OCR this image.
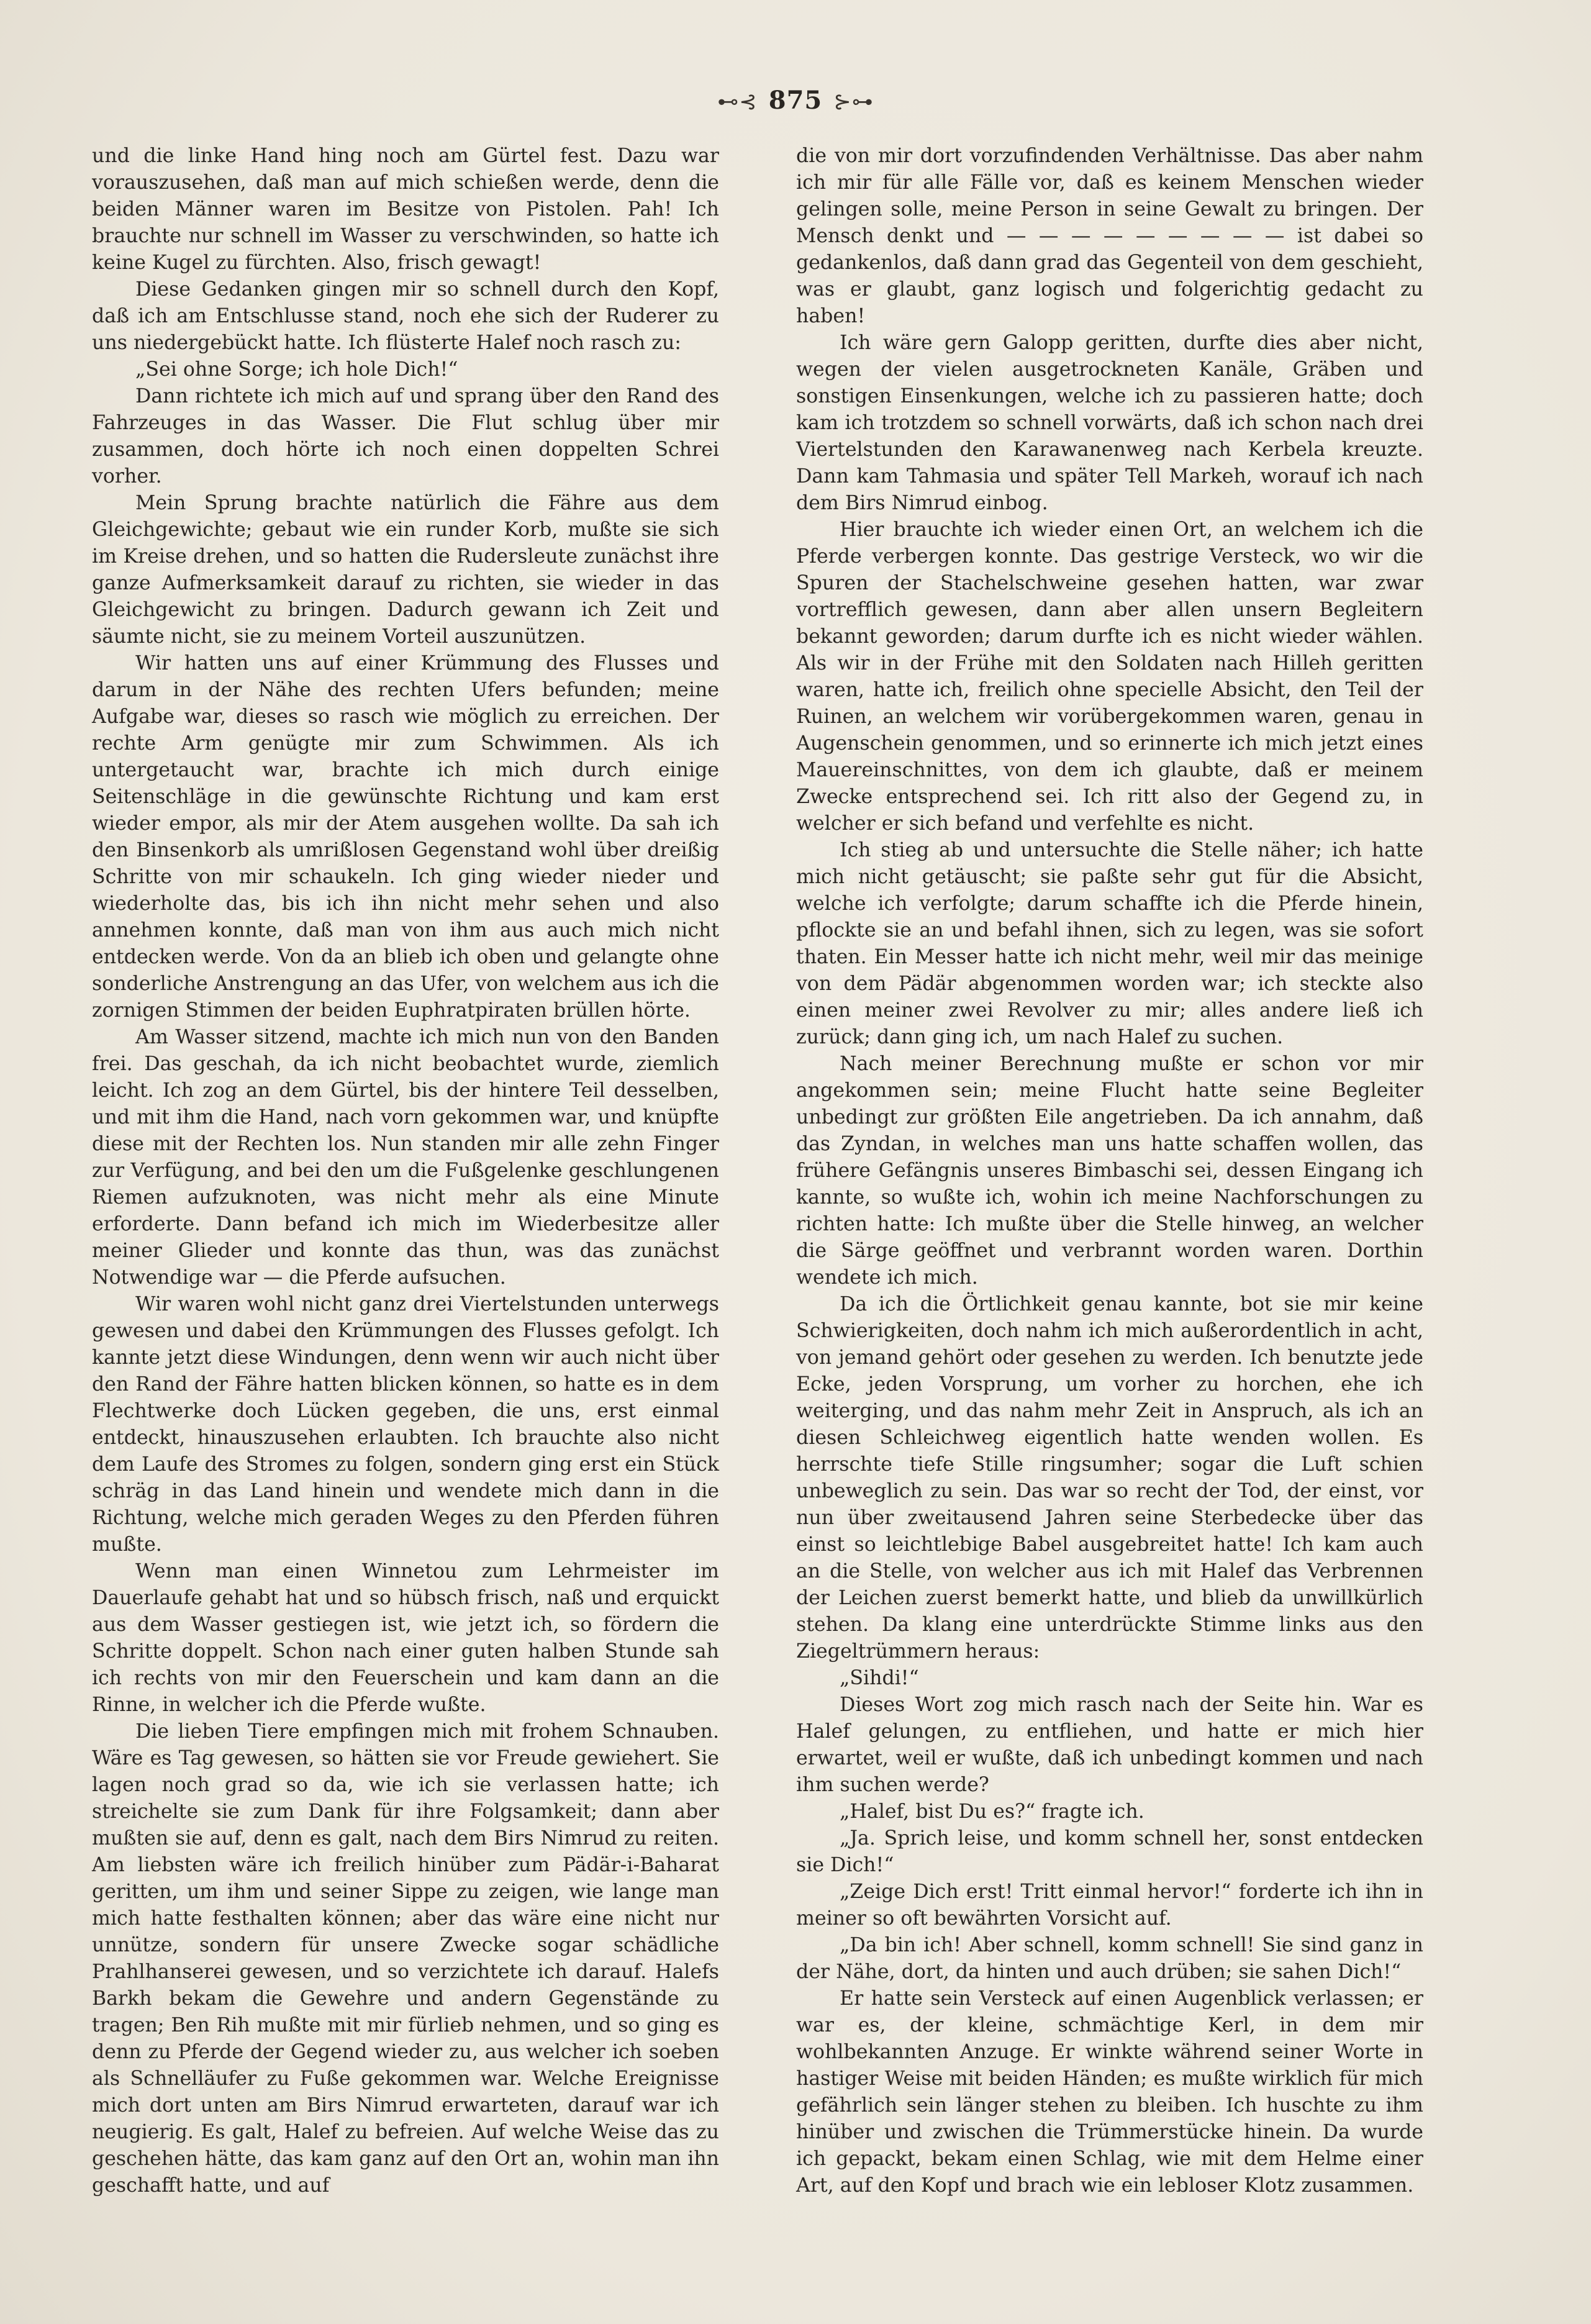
⊷⊰ 875 ⊱⊶

und die linke Hand hing noch am Gürtel fest. Dazu war vorauszusehen, daß man auf mich schießen werde, denn die beiden Männer waren im Besitze von Pistolen. Pah! Ich brauchte nur schnell im Wasser zu verschwinden, so hatte ich keine Kugel zu fürchten. Also, frisch gewagt!

Diese Gedanken gingen mir so schnell durch den Kopf, daß ich am Entschlusse stand, noch ehe sich der Ruderer zu uns niedergebückt hatte. Ich flüsterte Halef noch rasch zu:

„Sei ohne Sorge; ich hole Dich!“

Dann richtete ich mich auf und sprang über den Rand des Fahrzeuges in das Wasser. Die Flut schlug über mir zusammen, doch hörte ich noch einen doppelten Schrei vorher.

Mein Sprung brachte natürlich die Fähre aus dem Gleichgewichte; gebaut wie ein runder Korb, mußte sie sich im Kreise drehen, und so hatten die Rudersleute zunächst ihre ganze Aufmerksamkeit darauf zu richten, sie wieder in das Gleichgewicht zu bringen. Dadurch gewann ich Zeit und säumte nicht, sie zu meinem Vorteil auszunützen.

Wir hatten uns auf einer Krümmung des Flusses und darum in der Nähe des rechten Ufers befunden; meine Aufgabe war, dieses so rasch wie möglich zu erreichen. Der rechte Arm genügte mir zum Schwimmen. Als ich untergetaucht war, brachte ich mich durch einige Seitenschläge in die gewünschte Richtung und kam erst wieder empor, als mir der Atem ausgehen wollte. Da sah ich den Binsenkorb als umrißlosen Gegenstand wohl über dreißig Schritte von mir schaukeln. Ich ging wieder nieder und wiederholte das, bis ich ihn nicht mehr sehen und also annehmen konnte, daß man von ihm aus auch mich nicht entdecken werde. Von da an blieb ich oben und gelangte ohne sonderliche Anstrengung an das Ufer, von welchem aus ich die zornigen Stimmen der beiden Euphratpiraten brüllen hörte.

Am Wasser sitzend, machte ich mich nun von den Banden frei. Das geschah, da ich nicht beobachtet wurde, ziemlich leicht. Ich zog an dem Gürtel, bis der hintere Teil desselben, und mit ihm die Hand, nach vorn gekommen war, und knüpfte diese mit der Rechten los. Nun standen mir alle zehn Finger zur Verfügung, and bei den um die Fußgelenke geschlungenen Riemen aufzuknoten, was nicht mehr als eine Minute erforderte. Dann befand ich mich im Wiederbesitze aller meiner Glieder und konnte das thun, was das zunächst Notwendige war — die Pferde aufsuchen.

Wir waren wohl nicht ganz drei Viertelstunden unterwegs gewesen und dabei den Krümmungen des Flusses gefolgt. Ich kannte jetzt diese Windungen, denn wenn wir auch nicht über den Rand der Fähre hatten blicken können, so hatte es in dem Flechtwerke doch Lücken gegeben, die uns, erst einmal entdeckt, hinauszusehen erlaubten. Ich brauchte also nicht dem Laufe des Stromes zu folgen, sondern ging erst ein Stück schräg in das Land hinein und wendete mich dann in die Richtung, welche mich geraden Weges zu den Pferden führen mußte.

Wenn man einen Winnetou zum Lehrmeister im Dauerlaufe gehabt hat und so hübsch frisch, naß und erquickt aus dem Wasser gestiegen ist, wie jetzt ich, so fördern die Schritte doppelt. Schon nach einer guten halben Stunde sah ich rechts von mir den Feuerschein und kam dann an die Rinne, in welcher ich die Pferde wußte.

Die lieben Tiere empfingen mich mit frohem Schnauben. Wäre es Tag gewesen, so hätten sie vor Freude gewiehert. Sie lagen noch grad so da, wie ich sie verlassen hatte; ich streichelte sie zum Dank für ihre Folgsamkeit; dann aber mußten sie auf, denn es galt, nach dem Birs Nimrud zu reiten. Am liebsten wäre ich freilich hinüber zum Pädär-i-Baharat geritten, um ihm und seiner Sippe zu zeigen, wie lange man mich hatte festhalten können; aber das wäre eine nicht nur unnütze, sondern für unsere Zwecke sogar schädliche Prahlhanserei gewesen, und so verzichtete ich darauf. Halefs Barkh bekam die Gewehre und andern Gegenstände zu tragen; Ben Rih mußte mit mir fürlieb nehmen, und so ging es denn zu Pferde der Gegend wieder zu, aus welcher ich soeben als Schnelläufer zu Fuße gekommen war. Welche Ereignisse mich dort unten am Birs Nimrud erwarteten, darauf war ich neugierig. Es galt, Halef zu befreien. Auf welche Weise das zu geschehen hätte, das kam ganz auf den Ort an, wohin man ihn geschafft hatte, und auf

die von mir dort vorzufindenden Verhältnisse. Das aber nahm ich mir für alle Fälle vor, daß es keinem Menschen wieder gelingen solle, meine Person in seine Gewalt zu bringen. Der Mensch denkt und — — — — — — — — — ist dabei so gedankenlos, daß dann grad das Gegenteil von dem geschieht, was er glaubt, ganz logisch und folgerichtig gedacht zu haben!

Ich wäre gern Galopp geritten, durfte dies aber nicht, wegen der vielen ausgetrockneten Kanäle, Gräben und sonstigen Einsenkungen, welche ich zu passieren hatte; doch kam ich trotzdem so schnell vorwärts, daß ich schon nach drei Viertelstunden den Karawanenweg nach Kerbela kreuzte. Dann kam Tahmasia und später Tell Markeh, worauf ich nach dem Birs Nimrud einbog.

Hier brauchte ich wieder einen Ort, an welchem ich die Pferde verbergen konnte. Das gestrige Versteck, wo wir die Spuren der Stachelschweine gesehen hatten, war zwar vortrefflich gewesen, dann aber allen unsern Begleitern bekannt geworden; darum durfte ich es nicht wieder wählen. Als wir in der Frühe mit den Soldaten nach Hilleh geritten waren, hatte ich, freilich ohne specielle Absicht, den Teil der Ruinen, an welchem wir vorübergekommen waren, genau in Augenschein genommen, und so erinnerte ich mich jetzt eines Mauereinschnittes, von dem ich glaubte, daß er meinem Zwecke entsprechend sei. Ich ritt also der Gegend zu, in welcher er sich befand und verfehlte es nicht.

Ich stieg ab und untersuchte die Stelle näher; ich hatte mich nicht getäuscht; sie paßte sehr gut für die Absicht, welche ich verfolgte; darum schaffte ich die Pferde hinein, pflockte sie an und befahl ihnen, sich zu legen, was sie sofort thaten. Ein Messer hatte ich nicht mehr, weil mir das meinige von dem Pädär abgenommen worden war; ich steckte also einen meiner zwei Revolver zu mir; alles andere ließ ich zurück; dann ging ich, um nach Halef zu suchen.

Nach meiner Berechnung mußte er schon vor mir angekommen sein; meine Flucht hatte seine Begleiter unbedingt zur größten Eile angetrieben. Da ich annahm, daß das Zyndan, in welches man uns hatte schaffen wollen, das frühere Gefängnis unseres Bimbaschi sei, dessen Eingang ich kannte, so wußte ich, wohin ich meine Nachforschungen zu richten hatte: Ich mußte über die Stelle hinweg, an welcher die Särge geöffnet und verbrannt worden waren. Dorthin wendete ich mich.

Da ich die Örtlichkeit genau kannte, bot sie mir keine Schwierigkeiten, doch nahm ich mich außerordentlich in acht, von jemand gehört oder gesehen zu werden. Ich benutzte jede Ecke, jeden Vorsprung, um vorher zu horchen, ehe ich weiterging, und das nahm mehr Zeit in Anspruch, als ich an diesen Schleichweg eigentlich hatte wenden wollen. Es herrschte tiefe Stille ringsumher; sogar die Luft schien unbeweglich zu sein. Das war so recht der Tod, der einst, vor nun über zweitausend Jahren seine Sterbedecke über das einst so leichtlebige Babel ausgebreitet hatte! Ich kam auch an die Stelle, von welcher aus ich mit Halef das Verbrennen der Leichen zuerst bemerkt hatte, und blieb da unwillkürlich stehen. Da klang eine unterdrückte Stimme links aus den Ziegeltrümmern heraus:

„Sihdi!“

Dieses Wort zog mich rasch nach der Seite hin. War es Halef gelungen, zu entfliehen, und hatte er mich hier erwartet, weil er wußte, daß ich unbedingt kommen und nach ihm suchen werde?

„Halef, bist Du es?“ fragte ich.

„Ja. Sprich leise, und komm schnell her, sonst entdecken sie Dich!“

„Zeige Dich erst! Tritt einmal hervor!“ forderte ich ihn in meiner so oft bewährten Vorsicht auf.

„Da bin ich! Aber schnell, komm schnell! Sie sind ganz in der Nähe, dort, da hinten und auch drüben; sie sahen Dich!“

Er hatte sein Versteck auf einen Augenblick verlassen; er war es, der kleine, schmächtige Kerl, in dem mir wohlbekannten Anzuge. Er winkte während seiner Worte in hastiger Weise mit beiden Händen; es mußte wirklich für mich gefährlich sein länger stehen zu bleiben. Ich huschte zu ihm hinüber und zwischen die Trümmerstücke hinein. Da wurde ich gepackt, bekam einen Schlag, wie mit dem Helme einer Art, auf den Kopf und brach wie ein lebloser Klotz zusammen.
